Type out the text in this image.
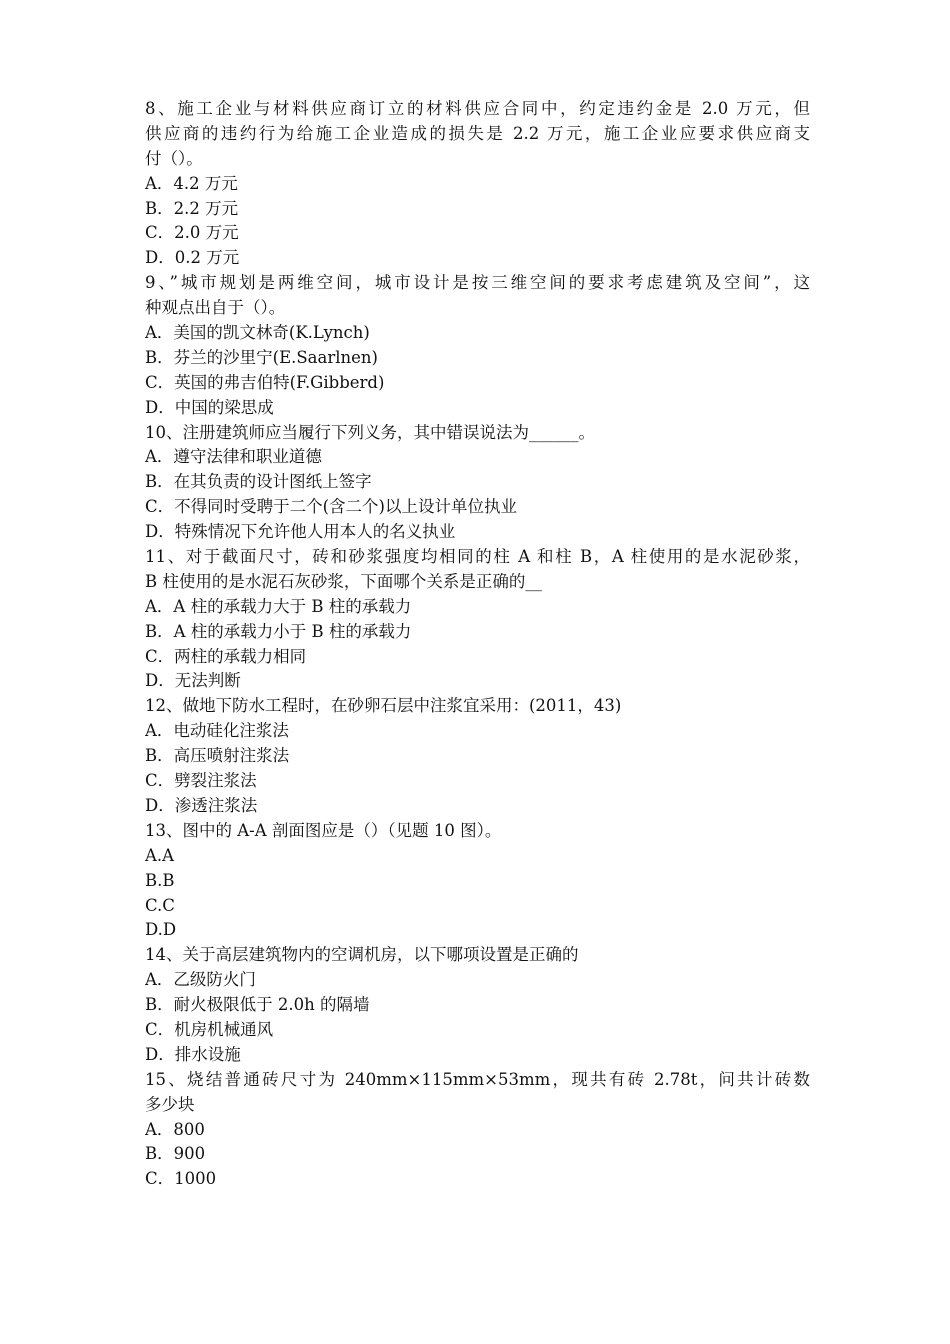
8、施工企业与材料供应商订立的材料供应合同中，约定违约金是 2.0 万元，但
供应商的违约行为给施工企业造成的损失是 2.2 万元，施工企业应要求供应商支
付（）。
A．4.2 万元
B．2.2 万元
C．2.0 万元
D．0.2 万元
9、”城市规划是两维空间，城市设计是按三维空间的要求考虑建筑及空间”，这
种观点出自于（）。
A．美国的凯文林奇(K.Lynch)
B．芬兰的沙里宁(E.Saarlnen)
C．英国的弗吉伯特(F.Gibberd)
D．中国的梁思成
10、注册建筑师应当履行下列义务，其中错误说法为______。
A．遵守法律和职业道德
B．在其负责的设计图纸上签字
C．不得同时受聘于二个(含二个)以上设计单位执业
D．特殊情况下允许他人用本人的名义执业
11、对于截面尺寸，砖和砂浆强度均相同的柱 A 和柱 B，A 柱使用的是水泥砂浆，
B 柱使用的是水泥石灰砂浆，下面哪个关系是正确的__
A．A 柱的承载力大于 B 柱的承载力
B．A 柱的承载力小于 B 柱的承载力
C．两柱的承载力相同
D．无法判断
12、做地下防水工程时，在砂卵石层中注浆宜采用：(2011，43)
A．电动硅化注浆法
B．高压喷射注浆法
C．劈裂注浆法
D．渗透注浆法
13、图中的 A-A 剖面图应是（）（见题 10 图）。
A.A
B.B
C.C
D.D
14、关于高层建筑物内的空调机房，以下哪项设置是正确的
A．乙级防火门
B．耐火极限低于 2.0h 的隔墙
C．机房机械通风
D．排水设施
15、烧结普通砖尺寸为 240mm×115mm×53mm，现共有砖 2.78t，问共计砖数
多少块
A．800
B．900
C．1000
